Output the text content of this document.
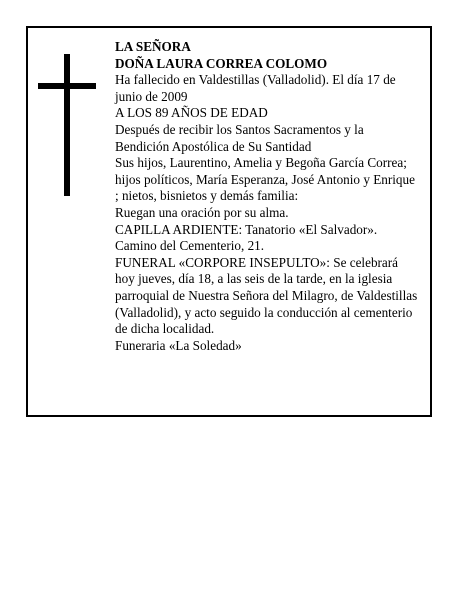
LA SEÑORA

DOÑA LAURA CORREA COLOMO

Ha fallecido en Valdestillas (Valladolid). El día 17 de junio de 2009

A LOS 89 AÑOS DE EDAD

Después de recibir los Santos Sacramentos y la Bendición Apostólica de Su Santidad

Sus hijos, Laurentino, Amelia y Begoña García Correa; hijos políticos, María Esperanza, José Antonio y Enrique ; nietos, bisnietos y demás familia:

Ruegan una oración por su alma.

CAPILLA ARDIENTE: Tanatorio «El Salvador». Camino del Cementerio, 21.

FUNERAL «CORPORE INSEPULTO»: Se celebrará hoy jueves, día 18, a las seis de la tarde, en la iglesia parroquial de Nuestra Señora del Milagro, de Valdestillas (Valladolid), y acto seguido la conducción al cementerio de dicha localidad.

Funeraria «La Soledad»
